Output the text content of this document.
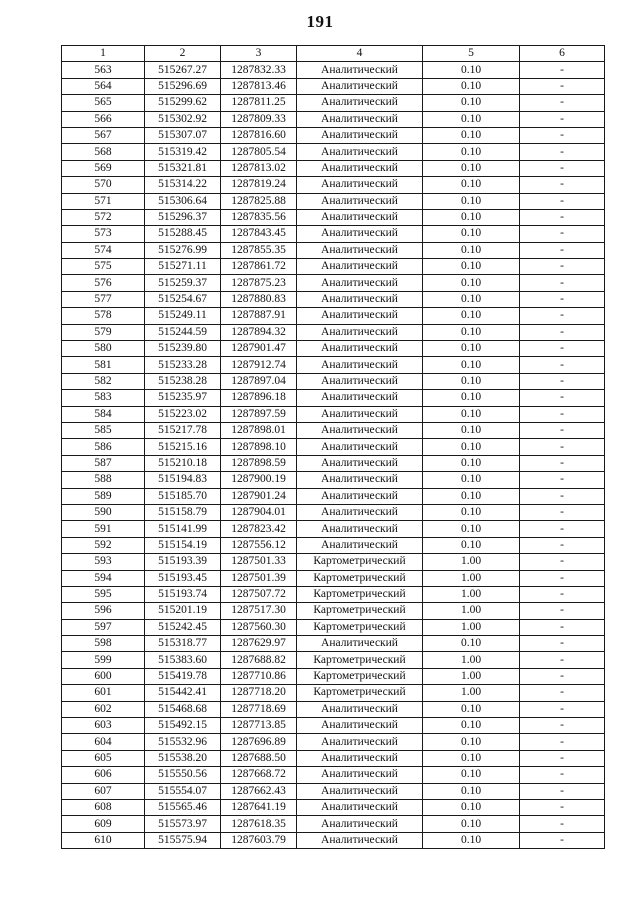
191
1	2	3	4	5	6
563	515267.27	1287832.33	Аналитический	0.10	-
564	515296.69	1287813.46	Аналитический	0.10	-
565	515299.62	1287811.25	Аналитический	0.10	-
566	515302.92	1287809.33	Аналитический	0.10	-
567	515307.07	1287816.60	Аналитический	0.10	-
568	515319.42	1287805.54	Аналитический	0.10	-
569	515321.81	1287813.02	Аналитический	0.10	-
570	515314.22	1287819.24	Аналитический	0.10	-
571	515306.64	1287825.88	Аналитический	0.10	-
572	515296.37	1287835.56	Аналитический	0.10	-
573	515288.45	1287843.45	Аналитический	0.10	-
574	515276.99	1287855.35	Аналитический	0.10	-
575	515271.11	1287861.72	Аналитический	0.10	-
576	515259.37	1287875.23	Аналитический	0.10	-
577	515254.67	1287880.83	Аналитический	0.10	-
578	515249.11	1287887.91	Аналитический	0.10	-
579	515244.59	1287894.32	Аналитический	0.10	-
580	515239.80	1287901.47	Аналитический	0.10	-
581	515233.28	1287912.74	Аналитический	0.10	-
582	515238.28	1287897.04	Аналитический	0.10	-
583	515235.97	1287896.18	Аналитический	0.10	-
584	515223.02	1287897.59	Аналитический	0.10	-
585	515217.78	1287898.01	Аналитический	0.10	-
586	515215.16	1287898.10	Аналитический	0.10	-
587	515210.18	1287898.59	Аналитический	0.10	-
588	515194.83	1287900.19	Аналитический	0.10	-
589	515185.70	1287901.24	Аналитический	0.10	-
590	515158.79	1287904.01	Аналитический	0.10	-
591	515141.99	1287823.42	Аналитический	0.10	-
592	515154.19	1287556.12	Аналитический	0.10	-
593	515193.39	1287501.33	Картометрический	1.00	-
594	515193.45	1287501.39	Картометрический	1.00	-
595	515193.74	1287507.72	Картометрический	1.00	-
596	515201.19	1287517.30	Картометрический	1.00	-
597	515242.45	1287560.30	Картометрический	1.00	-
598	515318.77	1287629.97	Аналитический	0.10	-
599	515383.60	1287688.82	Картометрический	1.00	-
600	515419.78	1287710.86	Картометрический	1.00	-
601	515442.41	1287718.20	Картометрический	1.00	-
602	515468.68	1287718.69	Аналитический	0.10	-
603	515492.15	1287713.85	Аналитический	0.10	-
604	515532.96	1287696.89	Аналитический	0.10	-
605	515538.20	1287688.50	Аналитический	0.10	-
606	515550.56	1287668.72	Аналитический	0.10	-
607	515554.07	1287662.43	Аналитический	0.10	-
608	515565.46	1287641.19	Аналитический	0.10	-
609	515573.97	1287618.35	Аналитический	0.10	-
610	515575.94	1287603.79	Аналитический	0.10	-
